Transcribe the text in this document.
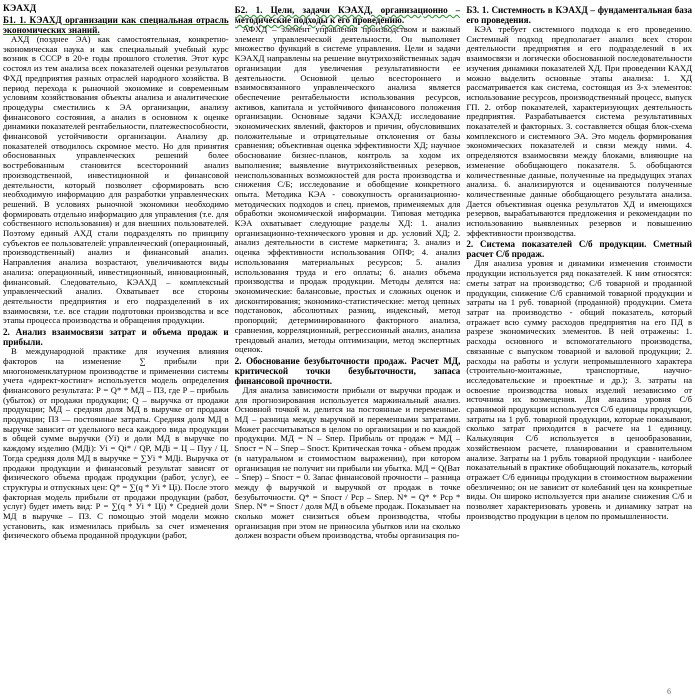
КЭАХД
Б1. 1. КЭАХД организации как специальная отрасль экономических знаний.

АХД (позднее ЭА) как самостоятельная, конкретно-экономическая наука и как специальный учебный курс возник в СССР в 20-е годы прошлого столетия. Этот курс состоял из тем анализа всех показателей оценки результатов ФХД предприятия разных отраслей народного хозяйства. В период перехода к рыночной экономике и современным условиям хозяйствования объекты анализа и аналитические процедуры сместились к ЭА организации, анализу финансового состояния, а анализ в основном к оценке динамики показателей рентабельности, платежеспособности, финансовой устойчивости организации. Анализу др. показателей отводилось скромное место. Но для принятия обоснованных управленческих решений более востребованным становится всесторонний анализ производственной, инвестиционной и финансовой деятельности, который позволяет сформировать всю необходимую информацию для разработки управленческих решений. В условиях рыночной экономики необходимо формировать отдельно информацию для управления (т.е. для собственного использования) и для внешних пользователей. Поэтому единый АХД стали подразделять по принципу субъектов ее пользователей: управленческий (операционный, производственный) анализ и финансовый анализ. Направления анализа возрастают, увеличиваются виды анализа: операционный, инвестиционный, инновационный, финансовый. Следовательно, КЭАХД – комплексный управленческий анализ. Охватывает все стороны деятельности предприятия и его подразделений в их взаимосвязи, т.е. все стадии подготовки производства и все этапы процесса производства и обращения продукции.

2. Анализ взаимосвязи затрат и объема продаж и прибыли.

В международной практике для изучения влияния факторов на изменение ∑ прибыли при многономенклатурном производстве и применении системы учета «директ-костинг» используется модель определения финансового результата: Р = Q* * МД – ПЗ, где Р – прибыль (убыток) от продажи продукции; Q – выручка от продажи продукции; МД – средняя доля МД в выручке от продажи продукции; ПЗ — постоянные затраты. Средняя доля МД в выручке зависит от удельного веса каждого вида продукции в общей сумме выручки (Уi) и доли МД в выручке по каждому изделию (МДi): Уi = Qi* / QP, МДi = Ц – Пуу / Ц. Тогда средняя доля МД в выручке = ∑Уi * МДi. Выручка от продажи продукции и финансовый результат зависят от физического объема продаж продукции (работ, услуг), ее структуры и отпускных цен: Q* = ∑(q * Уi * Цi). После этого факторная модель прибыли от продажи продукции (работ, услуг) будет иметь вид: Р = ∑(q * Уi * Цi) * Средней доли МД в выручке – ПЗ. С помощью этой модели можно установить, как изменилась прибыль за счет изменения физического объема проданной продукции (работ,

Б2. 1. Цели, задачи КЭАХД, организационно – методические подходы к его проведению.

АФХД – элемент управления производством и важный элемент управленческой деятельности. Он выполняет множество функций в системе управления. Цели и задачи КЭАХД направлены на решение внутрихозяйственных задач организации для увеличения результативности ее деятельности. Основной целью всестороннего и взаимосвязанного управленческого анализа является обеспечение рентабельности использования ресурсов, активов, капитала и устойчивого финансового положения организации. Основные задачи КЭАХД: исследование экономических явлений, факторов и причин, обусловивших положительные и отрицательные отклонения от базы сравнения; объективная оценка эффективности ХД; научное обоснование бизнес-планов, контроль за ходом их выполнения; выявление внутрихозяйственных резервов, неиспользованных возможностей для роста производства и снижения С/Б; исследование и обобщение конкретного опыта. Методика КЭА - совокупность организационно-методических подходов и спец. приемов, применяемых для обработки экономической информации. Типовая методика КЭА охватывает следующие разделы ХД: 1. анализ организационно-технического уровня и др. условий ХД; 2. анализ деятельности в системе маркетинга; 3. анализ и оценка эффективности использования ОПФ; 4. анализ использования материальных ресурсов; 5. анализ использования труда и его оплаты; 6. анализ объема производства и продаж продукции. Методы делятся на: экономические: балансовые, простых и сложных оценок и дисконтирования; экономико-статистические: метод цепных подстановок, абсолютных разниц, индексный, метод пропорций; детерминированного факторного анализа, сравнения, корреляционный, регрессионный анализ, анализа трендовый анализ, методы оптимизации, метод экспертных оценок.

2. Обоснование безубыточности продаж. Расчет МД, критической точки безубыточности, запаса финансовой прочности.

Для анализа зависимости прибыли от выручки продаж и для прогнозирования используется маржинальный анализ. Основной точкой м. делится на постоянные и переменные. МД – разница между выручкой и переменными затратами. Может рассчитываться в целом по организации и по каждой продукции. МД = N – Sпер. Прибыль от продаж = МД – Sпост = N – Sпер – Sпост. Критическая точка - объем продаж (в натуральном и стоимостном выражении), при котором организация не получит ни прибыли ни убытка. МД = Q(Ват – Sпер) – Sпост = 0. Запас финансовой прочности – разница между ф выручкой и выручкой от продаж в точке безубыточности. Q* = Sпост / Рср – Sпер. N* = Q* * Рср * Sпер. N* = Sпост / доля МД в объеме продаж. Показывает на сколько может снизиться объем производства, чтобы организация при этом не приносила убытков или на сколько должен возрасти объем производства, чтобы организация по-

Б3. 1. Системность в КЭАХД – фундаментальная база его проведения.

КЭА требует системного подхода к его проведению. Системный подход предполагает анализ всех сторон деятельности предприятия и его подразделений в их взаимосвязи и логически обоснованной последовательности изучения динамики показателей ХД. При проведении КАХД можно выделить основные этапы анализа: 1. ХД рассматривается как система, состоящая из 3-х элементов: использование ресурсов, производственный процесс, выпуск ГП. 2. отбор показателей, характеризующих деятельность предприятия. Разрабатывается система результативных показателей и факторных. 3. составляется общая блок-схема комплексного и системного ЭА. Это модель формирования экономических показателей и связи между ними. 4. определяются взаимосвязи между блоками, влияющие на изменение обобщающего показателя. 5. обобщаются количественные данные, полученные на предыдущих этапах анализа. 6. анализируются и оцениваются полученные количественные данные обобщающего результата анализа. Дается объективная оценка результатов ХД и имеющихся резервов, вырабатываются предложения и рекомендации по использованию выявленных резервов и повышению эффективности производства.

2. Система показателей С/б продукции. Сметный расчет С/б продаж.

Для анализа уровня и динамики изменения стоимости продукции используется ряд показателей. К ним относятся: сметы затрат на производство; С/б товарной и проданной продукции, снижение С/б сравнимой товарной продукции и затраты на 1 руб. товарной (проданной) продукции. Смета затрат на производство - общий показатель, который отражает всю сумму расходов предприятия на его ПД в разрезе экономических элементов. В ней отражены: 1. расходы основного и вспомогательного производства, связанные с выпуском товарной и валовой продукции; 2. расходы на работы и услуги непромышленного характера (строительно-монтажные, транспортные, научно-исследовательские и проектные и др.); 3. затраты на освоение производства новых изделий независимо от источника их возмещения. Для анализа уровня С/б сравнимой продукции используется С/б единицы продукции, затраты на 1 руб. товарной продукции, которые показывают, сколько затрат приходится в расчете на 1 единицу. Калькуляция С/б используется в ценообразовании, хозяйственном расчете, планировании и сравнительном анализе. Затраты на 1 рубль товарной продукции - наиболее показательный в практике обобщающий показатель, который отражает С/б единицы продукции в стоимостном выражении обезличенно; он не зависит от колебаний цен на конкретные виды. Он широко используется при анализе снижения С/б и позволяет характеризовать уровень и динамику затрат на производство продукции в целом по промышленности.

6
